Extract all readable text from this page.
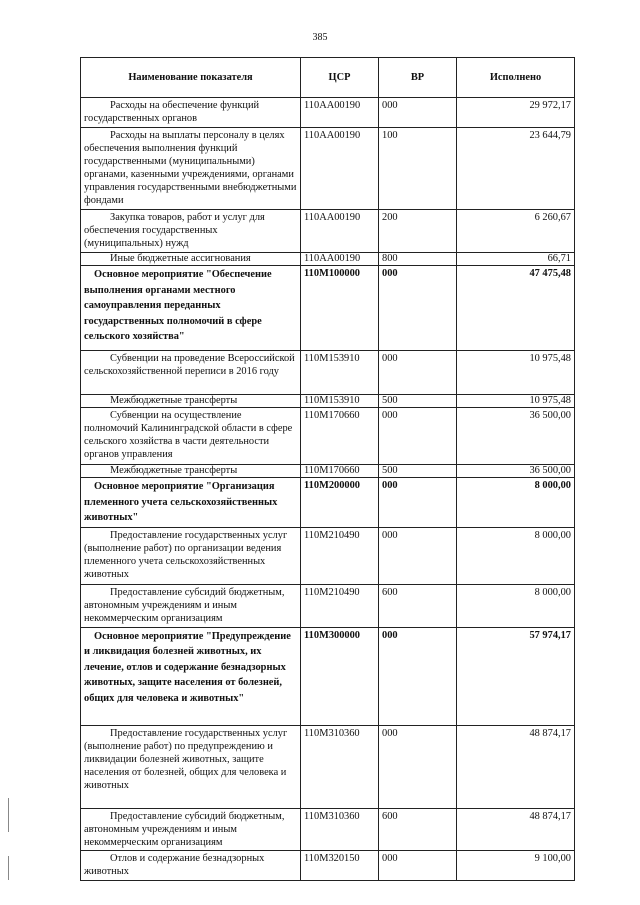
385
Наименование показателя	ЦСР	ВР	Исполнено
Расходы на обеспечение функций государственных органов	110АА00190	000	29 972,17
Расходы на выплаты персоналу в целях обеспечения выполнения функций государственными (муниципальными) органами, казенными учреждениями, органами управления государственными внебюджетными фондами	110АА00190	100	23 644,79
Закупка товаров, работ и услуг для обеспечения государственных (муниципальных) нужд	110АА00190	200	6 260,67
Иные бюджетные ассигнования	110АА00190	800	66,71
Основное мероприятие "Обеспечение выполнения органами местного самоуправления переданных государственных полномочий в сфере сельского хозяйства"	110М100000	000	47 475,48
Субвенции на проведение Всероссийской сельскохозяйственной переписи в 2016 году	110М153910	000	10 975,48
Межбюджетные трансферты	110М153910	500	10 975,48
Субвенции на осуществление полномочий Калининградской области в сфере сельского хозяйства в части деятельности органов управления	110М170660	000	36 500,00
Межбюджетные трансферты	110М170660	500	36 500,00
Основное мероприятие "Организация племенного учета сельскохозяйственных животных"	110М200000	000	8 000,00
Предоставление государственных услуг (выполнение работ) по организации ведения племенного учета сельскохозяйственных животных	110М210490	000	8 000,00
Предоставление субсидий бюджетным, автономным учреждениям и иным некоммерческим организациям	110М210490	600	8 000,00
Основное мероприятие "Предупреждение и ликвидация болезней животных, их лечение, отлов и содержание безнадзорных животных, защите населения от болезней, общих для человека и животных"	110М300000	000	57 974,17
Предоставление государственных услуг (выполнение работ) по предупреждению и ликвидации болезней животных, защите населения от болезней, общих для человека и животных	110М310360	000	48 874,17
Предоставление субсидий бюджетным, автономным учреждениям и иным некоммерческим организациям	110М310360	600	48 874,17
Отлов и содержание безнадзорных животных	110М320150	000	9 100,00
